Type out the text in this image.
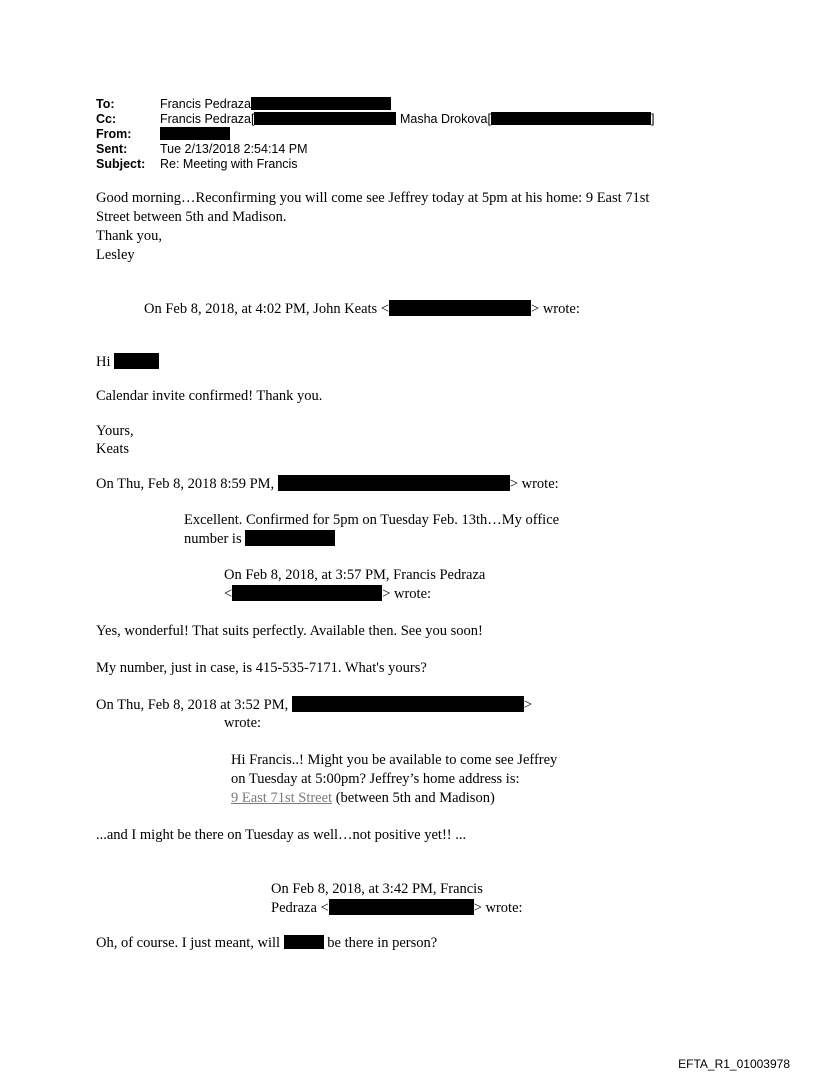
To:	Francis Pedraza
Cc:	Francis Pedraza[	Masha Drokova[	]
From:
Sent:	Tue 2/13/2018 2:54:14 PM
Subject: Re: Meeting with Francis
Good morning…Reconfirming you will come see Jeffrey today at 5pm at his home: 9 East 71st
Street between 5th and Madison.
Thank you,
Lesley
On Feb 8, 2018, at 4:02 PM, John Keats <	> wrote:
Hi
Calendar invite confirmed! Thank you.
Yours,
Keats
On Thu, Feb 8, 2018 8:59 PM,	> wrote:
Excellent. Confirmed for 5pm on Tuesday Feb. 13th…My office
number is
On Feb 8, 2018, at 3:57 PM, Francis Pedraza
<	> wrote:
Yes, wonderful! That suits perfectly. Available then. See you soon!
My number, just in case, is 415-535-7171. What's yours?
On Thu, Feb 8, 2018 at 3:52 PM,	>
wrote:
Hi Francis..! Might you be available to come see Jeffrey
on Tuesday at 5:00pm? Jeffrey’s home address is:
9 East 71st Street (between 5th and Madison)
...and I might be there on Tuesday as well…not positive yet!! ...
On Feb 8, 2018, at 3:42 PM, Francis
Pedraza <	> wrote:
Oh, of course. I just meant, will	be there in person?
EFTA_R1_01003978
